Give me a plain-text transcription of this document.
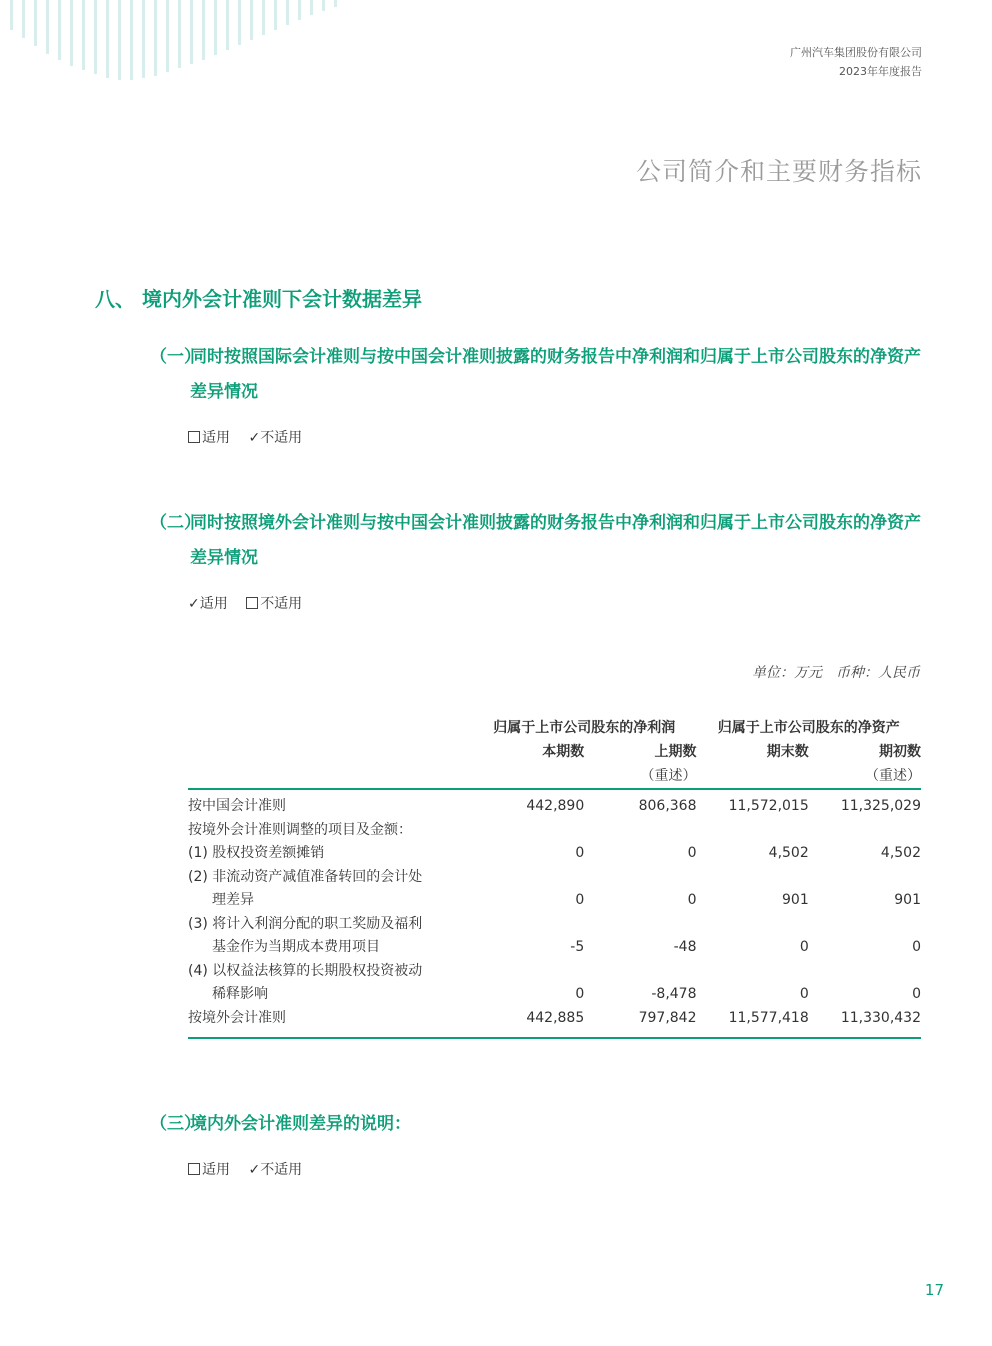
广州汽车集团股份有限公司
2023年年度报告
公司简介和主要财务指标
八、 境内外会计准则下会计数据差异
（一）
同时按照国际会计准则与按中国会计准则披露的财务报告中净利润和归属于上市公司股东的净资产差异情况
适用 ✓不适用
（二）
同时按照境外会计准则与按中国会计准则披露的财务报告中净利润和归属于上市公司股东的净资产差异情况
✓适用 不适用
单位：万元 币种：人民币
	归属于上市公司股东的净利润		归属于上市公司股东的净资产	
	本期数	上期数	期末数	期初数
		（重述）		（重述）
按中国会计准则	442,890	806,368	11,572,015	11,325,029
按境外会计准则调整的项目及金额：				
(1) 股权投资差额摊销	0	0	4,502	4,502
(2) 非流动资产减值准备转回的会计处				
理差异	0	0	901	901
(3) 将计入利润分配的职工奖励及福利				
基金作为当期成本费用项目	-5	-48	0	0
(4) 以权益法核算的长期股权投资被动				
稀释影响	0	-8,478	0	0
按境外会计准则	442,885	797,842	11,577,418	11,330,432
（三）
境内外会计准则差异的说明：
适用 ✓不适用
17
